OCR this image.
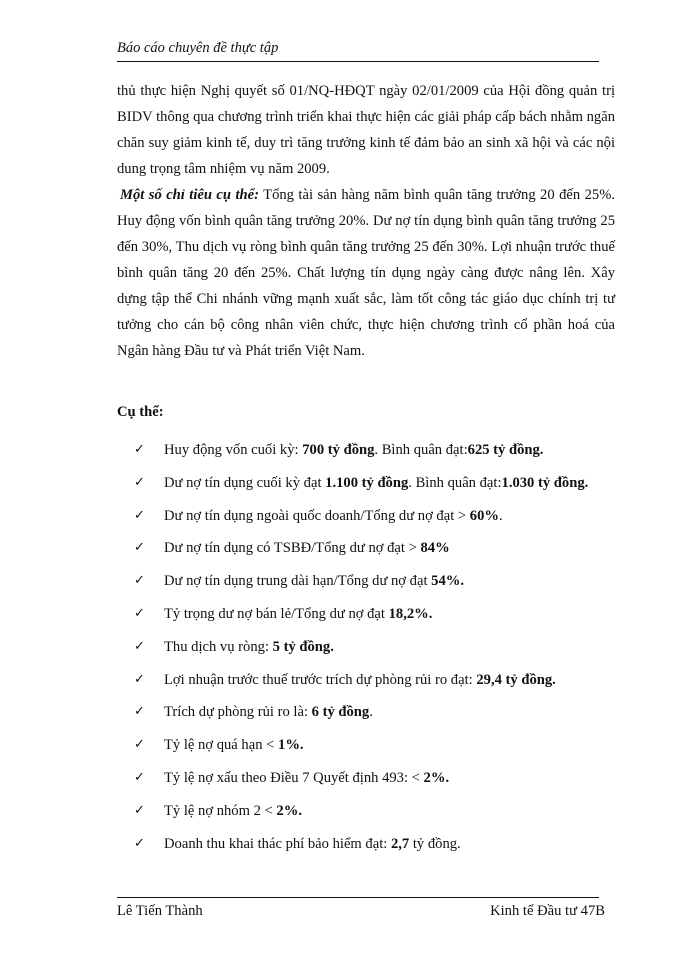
Báo cáo chuyên đề thực tập

thủ thực hiện Nghị quyết số 01/NQ-HĐQT ngày 02/01/2009 của Hội đồng quản trị BIDV thông qua chương trình triển khai thực hiện các giải pháp cấp bách nhằm ngăn chăn suy giảm kinh tế, duy trì tăng trưởng kinh tế đảm bảo an sinh xã hội và các nội dung trọng tâm nhiệm vụ năm 2009.

Một số chỉ tiêu cụ thể: Tổng tài sản hàng năm bình quân tăng trưởng 20 đến 25%. Huy động vốn bình quân tăng trưởng 20%. Dư nợ tín dụng bình quân tăng trưởng 25 đến 30%, Thu dịch vụ ròng bình quân tăng trưởng 25 đến 30%. Lợi nhuận trước thuế bình quân tăng 20 đến 25%. Chất lượng tín dụng ngày càng được nâng lên. Xây dựng tập thể Chi nhánh vững mạnh xuất sắc, làm tốt công tác giáo dục chính trị tư tưởng cho cán bộ công nhân viên chức, thực hiện chương trình cổ phần hoá của Ngân hàng Đầu tư và Phát triển Việt Nam.

Cụ thể:
✓ Huy động vốn cuối kỳ: 700 tỷ đồng. Bình quân đạt:625 tỷ đồng.
✓ Dư nợ tín dụng cuối kỳ đạt 1.100 tỷ đồng. Bình quân đạt:1.030 tỷ đồng.
✓ Dư nợ tín dụng ngoài quốc doanh/Tổng dư nợ đạt > 60%.
✓ Dư nợ tín dụng có TSBĐ/Tổng dư nợ đạt > 84%
✓ Dư nợ tín dụng trung dài hạn/Tổng dư nợ đạt 54%.
✓ Tỷ trọng dư nợ bán lẻ/Tổng dư nợ đạt 18,2%.
✓ Thu dịch vụ ròng: 5 tỷ đồng.
✓ Lợi nhuận trước thuế trước trích dự phòng rủi ro đạt: 29,4 tỷ đồng.
✓ Trích dự phòng rủi ro là: 6 tỷ đồng.
✓ Tỷ lệ nợ quá hạn < 1%.
✓ Tỷ lệ nợ xấu theo Điều 7 Quyết định 493: < 2%.
✓ Tỷ lệ nợ nhóm 2 < 2%.
✓ Doanh thu khai thác phí bảo hiểm đạt: 2,7 tỷ đồng.
Lê Tiến Thành	Kinh tế Đầu tư 47B
